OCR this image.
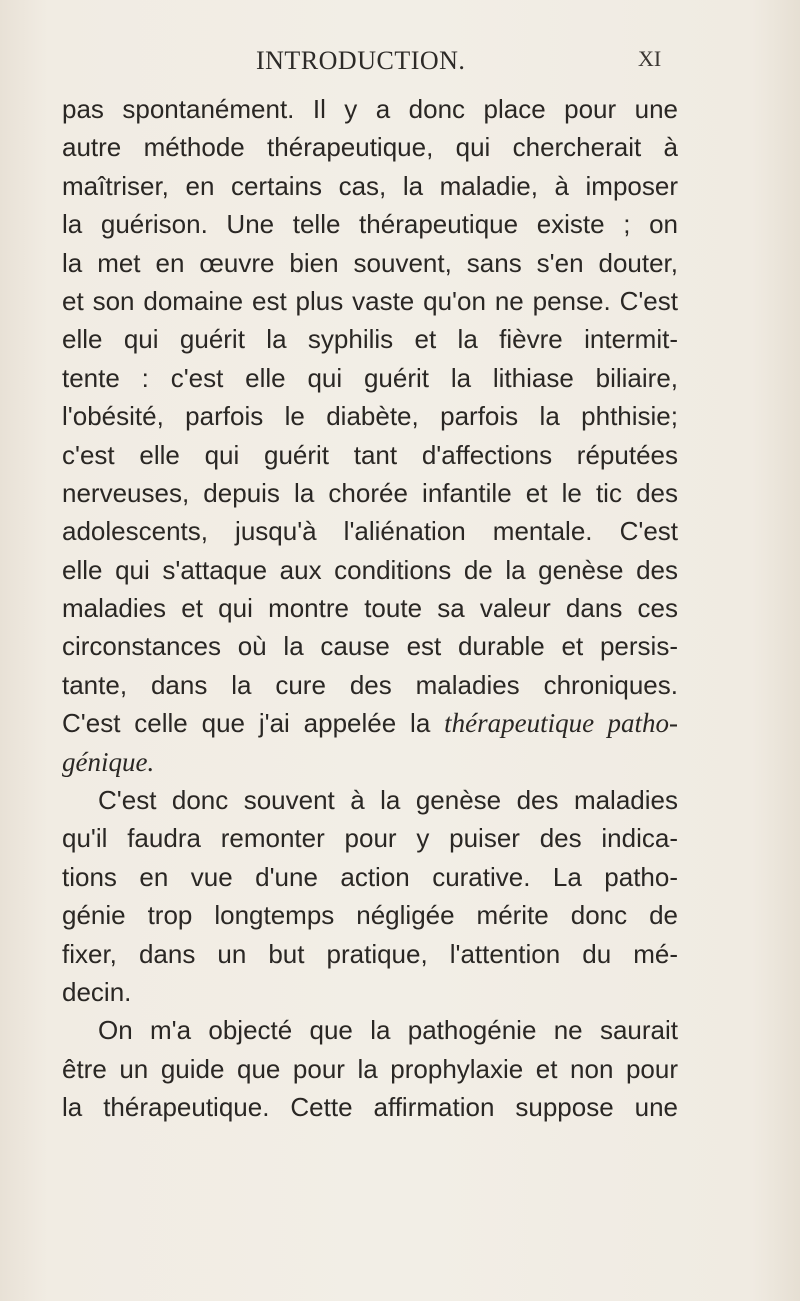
INTRODUCTION.	XI
pas spontanément. Il y a donc place pour une
autre méthode thérapeutique, qui chercherait à
maîtriser, en certains cas, la maladie, à imposer
la guérison. Une telle thérapeutique existe ; on
la met en œuvre bien souvent, sans s'en douter,
et son domaine est plus vaste qu'on ne pense. C'est
elle qui guérit la syphilis et la fièvre intermit-
tente : c'est elle qui guérit la lithiase biliaire,
l'obésité, parfois le diabète, parfois la phthisie;
c'est elle qui guérit tant d'affections réputées
nerveuses, depuis la chorée infantile et le tic des
adolescents, jusqu'à l'aliénation mentale. C'est
elle qui s'attaque aux conditions de la genèse des
maladies et qui montre toute sa valeur dans ces
circonstances où la cause est durable et persis-
tante, dans la cure des maladies chroniques.
C'est celle que j'ai appelée la thérapeutique patho-
génique.
C'est donc souvent à la genèse des maladies
qu'il faudra remonter pour y puiser des indica-
tions en vue d'une action curative. La patho-
génie trop longtemps négligée mérite donc de
fixer, dans un but pratique, l'attention du mé-
decin.
On m'a objecté que la pathogénie ne saurait
être un guide que pour la prophylaxie et non pour
la thérapeutique. Cette affirmation suppose une
